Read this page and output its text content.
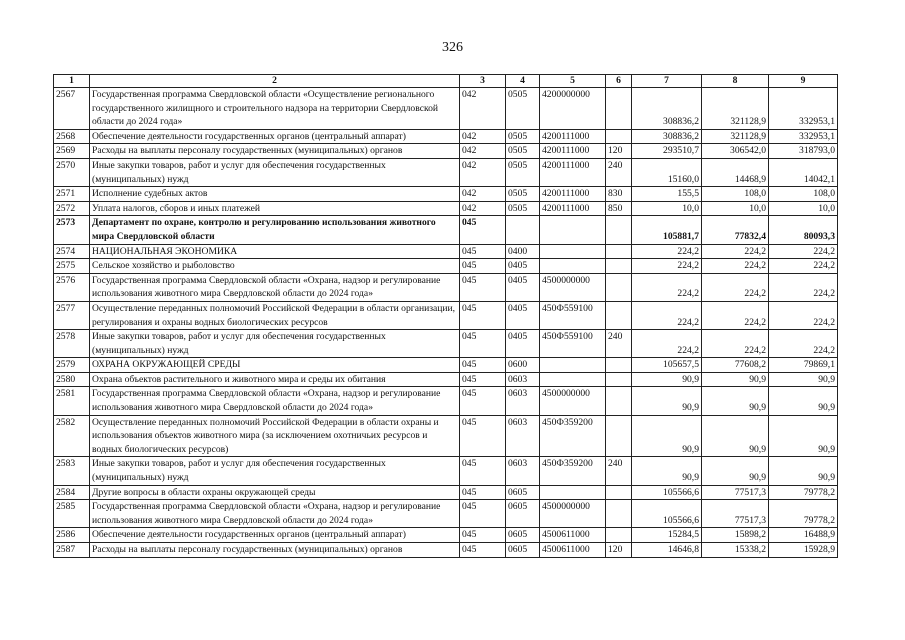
326
1	2	3	4	5	6	7	8	9
2567	Государственная программа Свердловской области «Осуществление регионального государственного жилищного и строительного надзора на территории Свердловской области до 2024 года»	042	0505	4200000000		308836,2	321128,9	332953,1
2568	Обеспечение деятельности государственных органов (центральный аппарат)	042	0505	4200111000		308836,2	321128,9	332953,1
2569	Расходы на выплаты персоналу государственных (муниципальных) органов	042	0505	4200111000	120	293510,7	306542,0	318793,0
2570	Иные закупки товаров, работ и услуг для обеспечения государственных (муниципальных) нужд	042	0505	4200111000	240	15160,0	14468,9	14042,1
2571	Исполнение судебных актов	042	0505	4200111000	830	155,5	108,0	108,0
2572	Уплата налогов, сборов и иных платежей	042	0505	4200111000	850	10,0	10,0	10,0
2573	Департамент по охране, контролю и регулированию использования животного мира Свердловской области	045				105881,7	77832,4	80093,3
2574	НАЦИОНАЛЬНАЯ ЭКОНОМИКА	045	0400			224,2	224,2	224,2
2575	Сельское хозяйство и рыболовство	045	0405			224,2	224,2	224,2
2576	Государственная программа Свердловской области «Охрана, надзор и регулирование использования животного мира Свердловской области до 2024 года»	045	0405	4500000000		224,2	224,2	224,2
2577	Осуществление переданных полномочий Российской Федерации в области организации, регулирования и охраны водных биологических ресурсов	045	0405	450Ф559100		224,2	224,2	224,2
2578	Иные закупки товаров, работ и услуг для обеспечения государственных (муниципальных) нужд	045	0405	450Ф559100	240	224,2	224,2	224,2
2579	ОХРАНА ОКРУЖАЮЩЕЙ СРЕДЫ	045	0600			105657,5	77608,2	79869,1
2580	Охрана объектов растительного и животного мира и среды их обитания	045	0603			90,9	90,9	90,9
2581	Государственная программа Свердловской области «Охрана, надзор и регулирование использования животного мира Свердловской области до 2024 года»	045	0603	4500000000		90,9	90,9	90,9
2582	Осуществление переданных полномочий Российской Федерации в области охраны и использования объектов животного мира (за исключением охотничьих ресурсов и водных биологических ресурсов)	045	0603	450Ф359200		90,9	90,9	90,9
2583	Иные закупки товаров, работ и услуг для обеспечения государственных (муниципальных) нужд	045	0603	450Ф359200	240	90,9	90,9	90,9
2584	Другие вопросы в области охраны окружающей среды	045	0605			105566,6	77517,3	79778,2
2585	Государственная программа Свердловской области «Охрана, надзор и регулирование использования животного мира Свердловской области до 2024 года»	045	0605	4500000000		105566,6	77517,3	79778,2
2586	Обеспечение деятельности государственных органов (центральный аппарат)	045	0605	4500611000		15284,5	15898,2	16488,9
2587	Расходы на выплаты персоналу государственных (муниципальных) органов	045	0605	4500611000	120	14646,8	15338,2	15928,9
